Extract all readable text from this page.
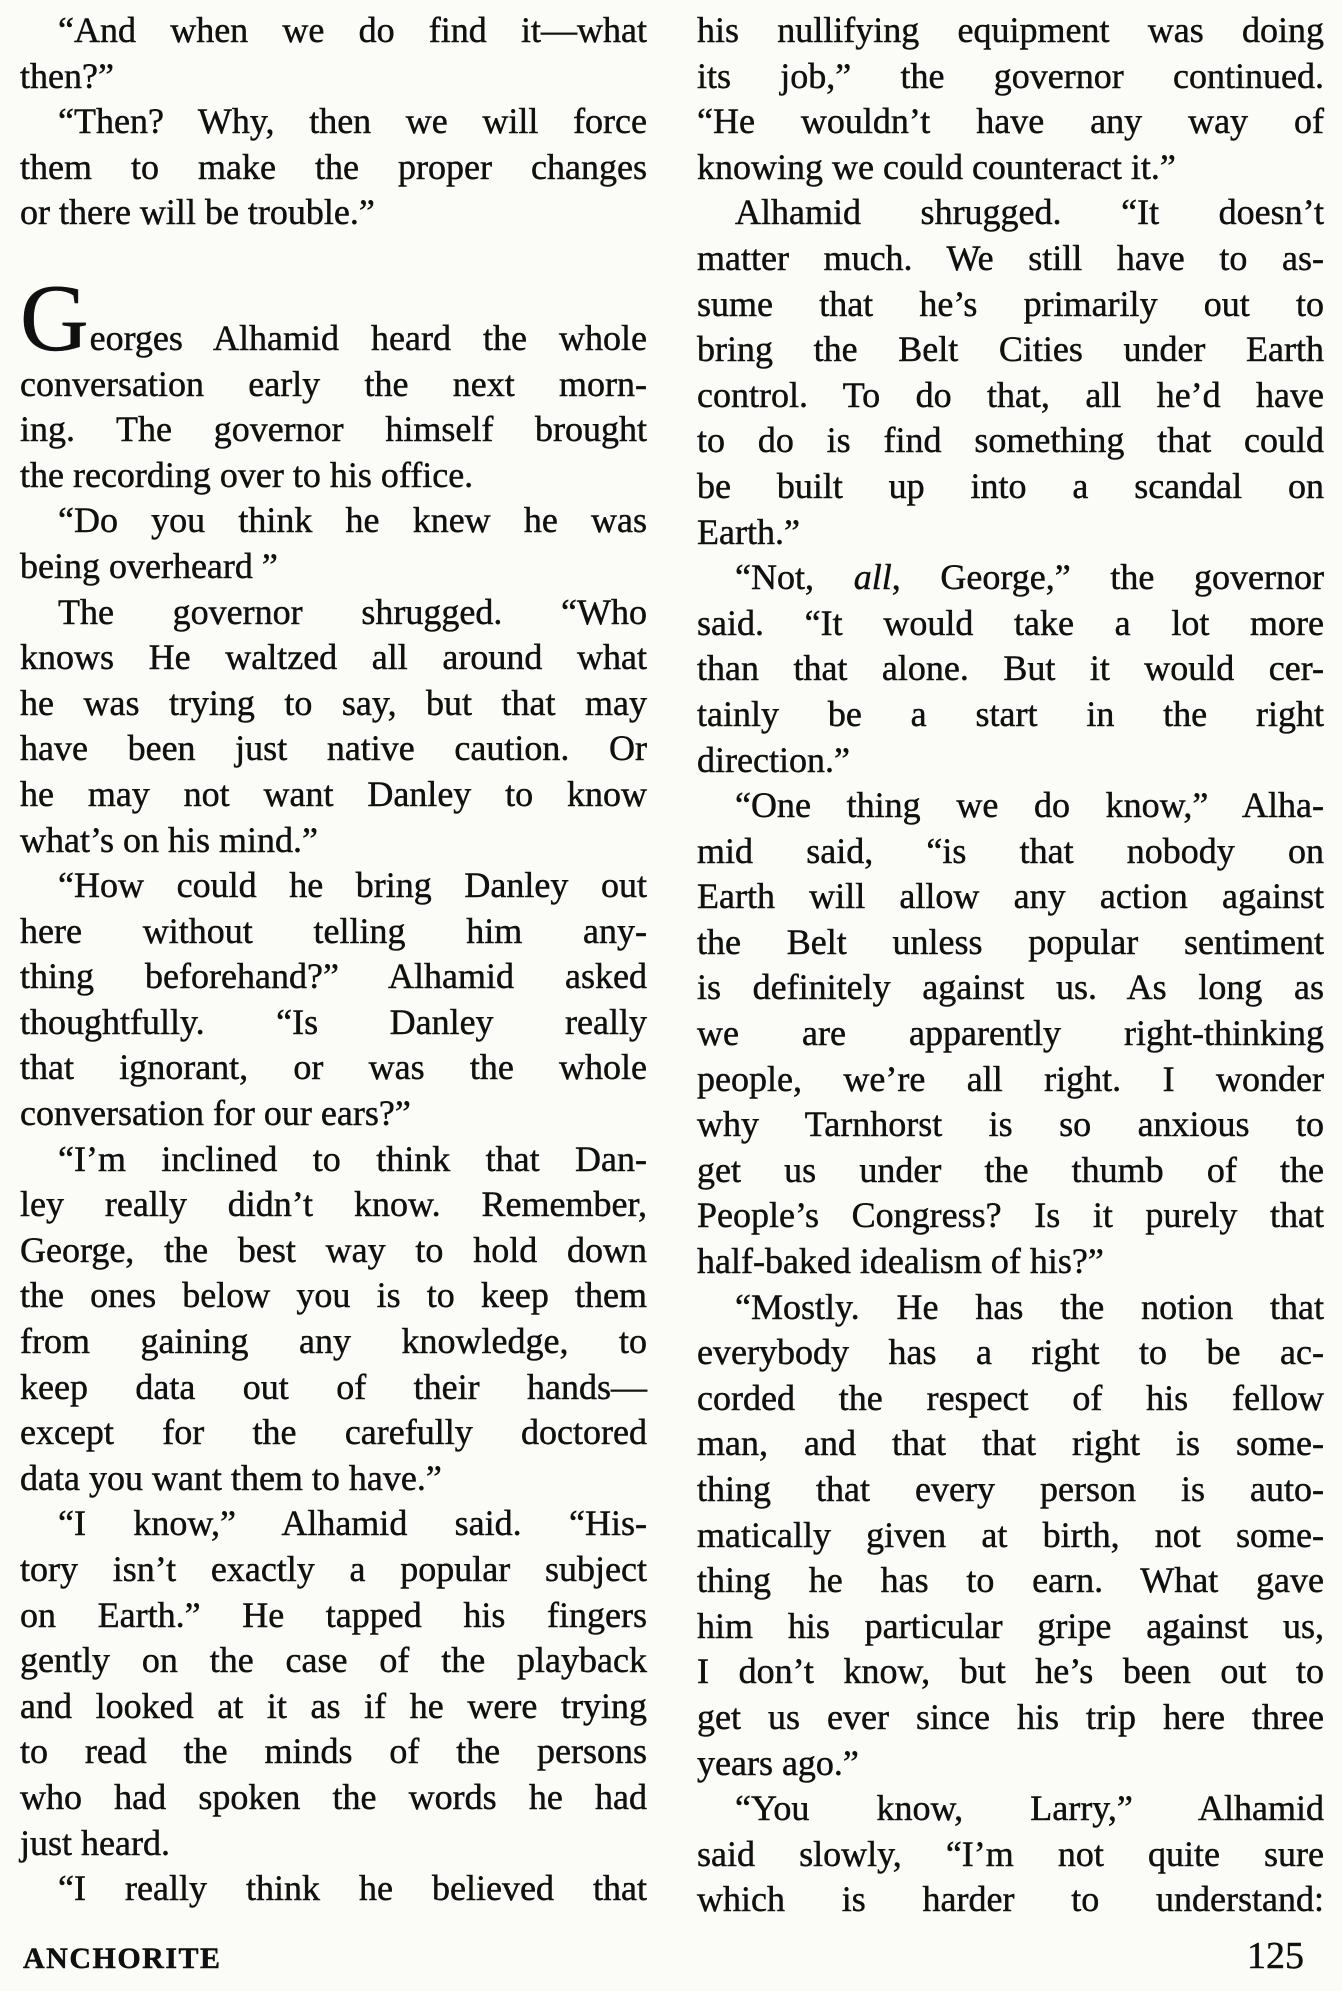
“And when we do find it—what
then?”
“Then? Why, then we will force
them to make the proper changes
or there will be trouble.”
Georges Alhamid heard the whole
conversation early the next morn-
ing. The governor himself brought
the recording over to his office.
“Do you think he knew he was
being overheard ”
The governor shrugged. “Who
knows He waltzed all around what
he was trying to say, but that may
have been just native caution. Or
he may not want Danley to know
what’s on his mind.”
“How could he bring Danley out
here without telling him any-
thing beforehand?” Alhamid asked
thoughtfully. “Is Danley really
that ignorant, or was the whole
conversation for our ears?”
“I’m inclined to think that Dan-
ley really didn’t know. Remember,
George, the best way to hold down
the ones below you is to keep them
from gaining any knowledge, to
keep data out of their hands—
except for the carefully doctored
data you want them to have.”
“I know,” Alhamid said. “His-
tory isn’t exactly a popular subject
on Earth.” He tapped his fingers
gently on the case of the playback
and looked at it as if he were trying
to read the minds of the persons
who had spoken the words he had
just heard.
“I really think he believed that
his nullifying equipment was doing
its job,” the governor continued.
“He wouldn’t have any way of
knowing we could counteract it.”
Alhamid shrugged. “It doesn’t
matter much. We still have to as-
sume that he’s primarily out to
bring the Belt Cities under Earth
control. To do that, all he’d have
to do is find something that could
be built up into a scandal on
Earth.”
“Not, all, George,” the governor
said. “It would take a lot more
than that alone. But it would cer-
tainly be a start in the right
direction.”
“One thing we do know,” Alha-
mid said, “is that nobody on
Earth will allow any action against
the Belt unless popular sentiment
is definitely against us. As long as
we are apparently right-thinking
people, we’re all right. I wonder
why Tarnhorst is so anxious to
get us under the thumb of the
People’s Congress? Is it purely that
half-baked idealism of his?”
“Mostly. He has the notion that
everybody has a right to be ac-
corded the respect of his fellow
man, and that that right is some-
thing that every person is auto-
matically given at birth, not some-
thing he has to earn. What gave
him his particular gripe against us,
I don’t know, but he’s been out to
get us ever since his trip here three
years ago.”
“You know, Larry,” Alhamid
said slowly, “I’m not quite sure
which is harder to understand:
ANCHORITE	125
